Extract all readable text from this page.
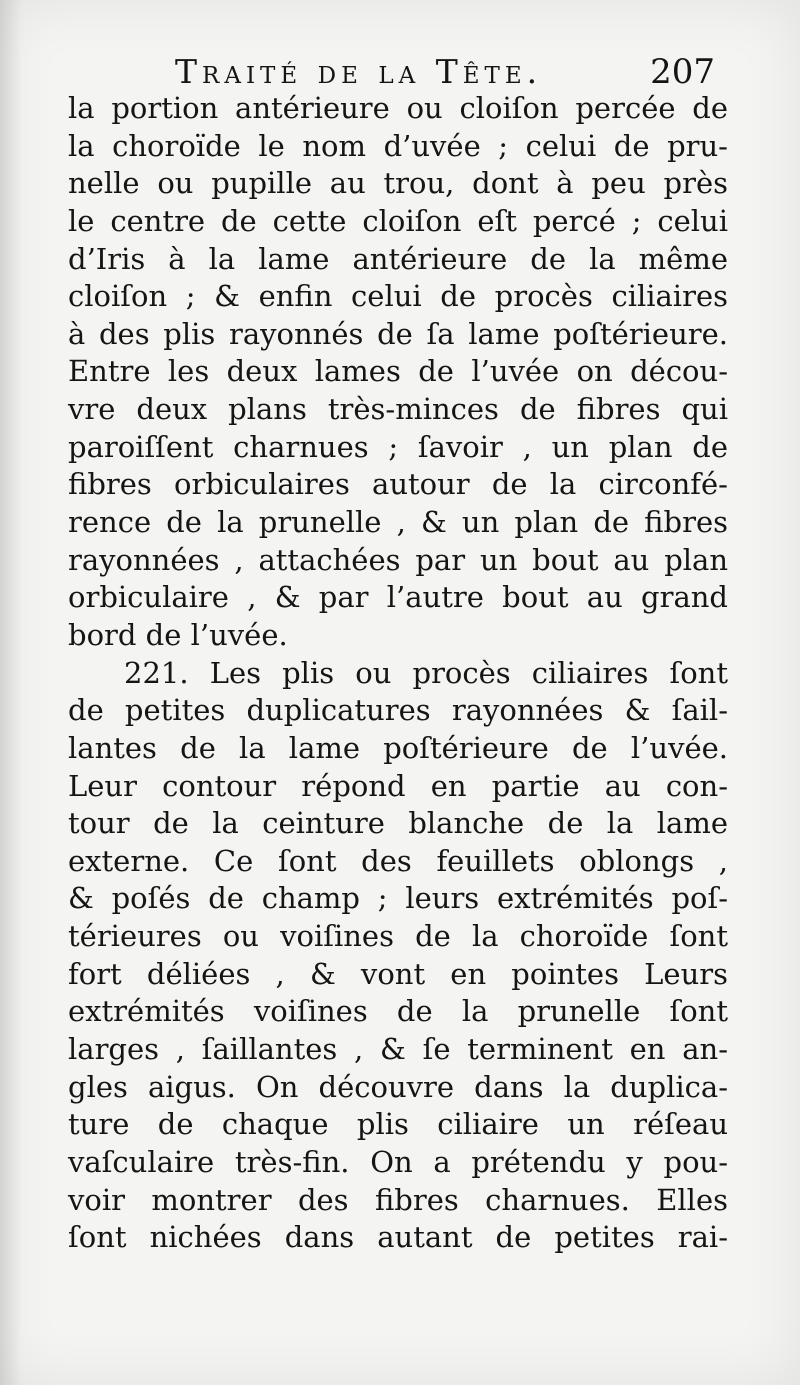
Traité de la Tête.	207
la portion antérieure ou cloiſon percée de
la choroïde le nom d’uvée ; celui de pru-
nelle ou pupille au trou, dont à peu près
le centre de cette cloiſon eſt percé ; celui
d’Iris à la lame antérieure de la même
cloiſon ; & enfin celui de procès ciliaires
à des plis rayonnés de ſa lame poſtérieure.
Entre les deux lames de l’uvée on décou-
vre deux plans très-minces de fibres qui
paroiſſent charnues ; ſavoir , un plan de
fibres orbiculaires autour de la circonfé-
rence de la prunelle , & un plan de fibres
rayonnées , attachées par un bout au plan
orbiculaire , & par l’autre bout au grand
bord de l’uvée.
221. Les plis ou procès ciliaires ſont
de petites duplicatures rayonnées & ſail-
lantes de la lame poſtérieure de l’uvée.
Leur contour répond en partie au con-
tour de la ceinture blanche de la lame
externe. Ce ſont des feuillets oblongs ,
& poſés de champ ; leurs extrémités poſ-
térieures ou voiſines de la choroïde ſont
fort déliées , & vont en pointes Leurs
extrémités voiſines de la prunelle ſont
larges , ſaillantes , & ſe terminent en an-
gles aigus. On découvre dans la duplica-
ture de chaque plis ciliaire un réſeau
vaſculaire très-fin. On a prétendu y pou-
voir montrer des fibres charnues. Elles
ſont nichées dans autant de petites rai-
